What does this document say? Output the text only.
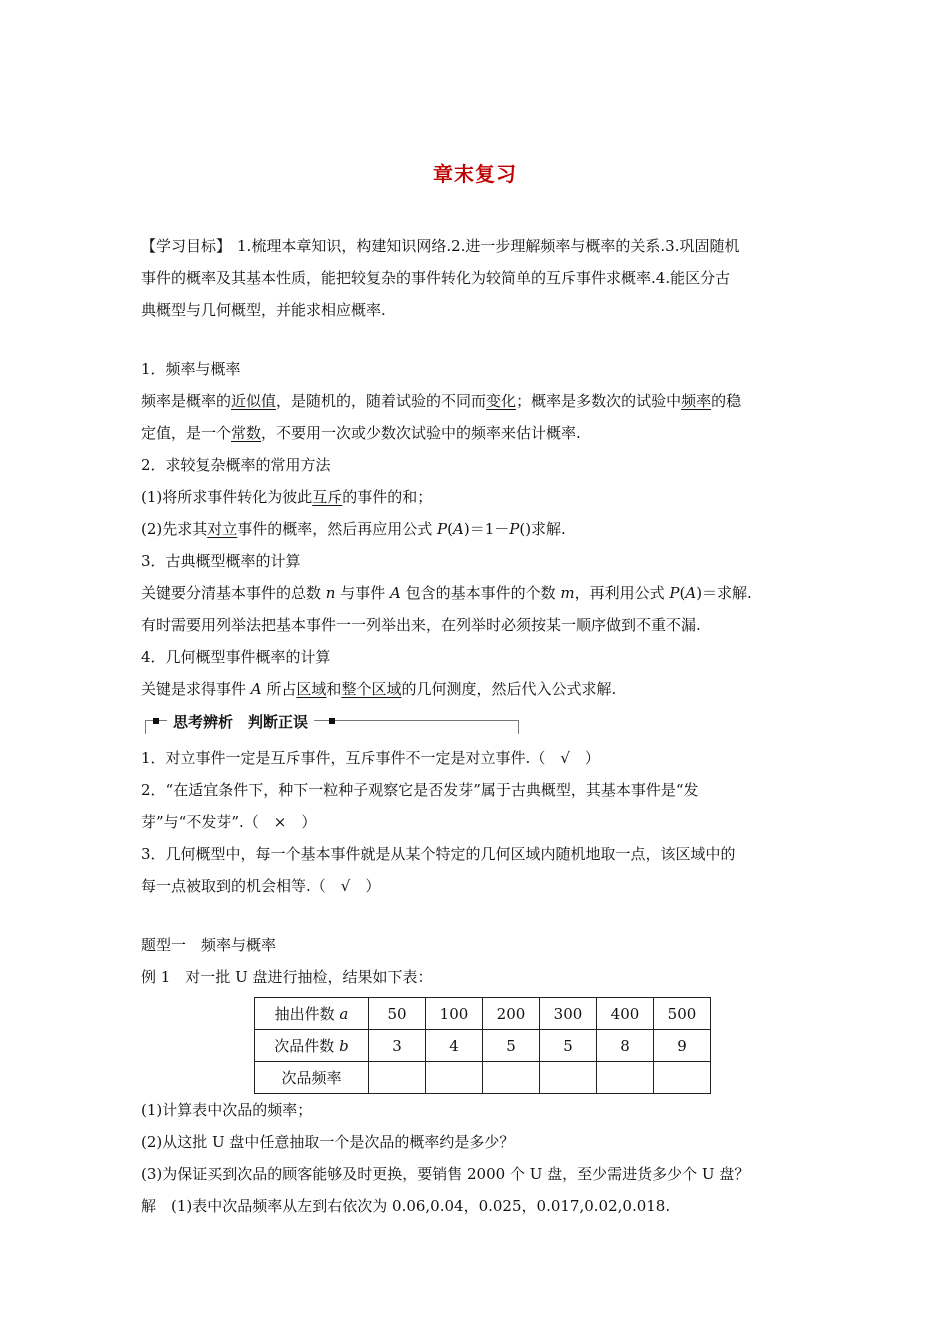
章末复习
【学习目标】 1.梳理本章知识，构建知识网络.2.进一步理解频率与概率的关系.3.巩固随机
事件的概率及其基本性质，能把较复杂的事件转化为较简单的互斥事件求概率.4.能区分古
典概型与几何概型，并能求相应概率.
1．频率与概率
频率是概率的近似值，是随机的，随着试验的不同而变化；概率是多数次的试验中频率的稳
定值，是一个常数，不要用一次或少数次试验中的频率来估计概率.
2．求较复杂概率的常用方法
(1)将所求事件转化为彼此互斥的事件的和；
(2)先求其对立事件的概率，然后再应用公式 P(A)＝1－P()求解.
3．古典概型概率的计算
关键要分清基本事件的总数 n 与事件 A 包含的基本事件的个数 m，再利用公式 P(A)＝求解.
有时需要用列举法把基本事件一一列举出来，在列举时必须按某一顺序做到不重不漏.
4．几何概型事件概率的计算
关键是求得事件 A 所占区域和整个区域的几何测度，然后代入公式求解.
思考辨析　判断正误
1．对立事件一定是互斥事件，互斥事件不一定是对立事件.（　√　）
2．“在适宜条件下，种下一粒种子观察它是否发芽”属于古典概型，其基本事件是“发
芽”与“不发芽”.（　×　）
3．几何概型中，每一个基本事件就是从某个特定的几何区域内随机地取一点，该区域中的
每一点被取到的机会相等.（　√　）
题型一　频率与概率
例 1　对一批 U 盘进行抽检，结果如下表：
抽出件数 a	50	100	200	300	400	500
次品件数 b	3	4	5	5	8	9
次品频率						
(1)计算表中次品的频率；
(2)从这批 U 盘中任意抽取一个是次品的概率约是多少？
(3)为保证买到次品的顾客能够及时更换，要销售 2000 个 U 盘，至少需进货多少个 U 盘？
解　(1)表中次品频率从左到右依次为 0.06,0.04，0.025，0.017,0.02,0.018.
